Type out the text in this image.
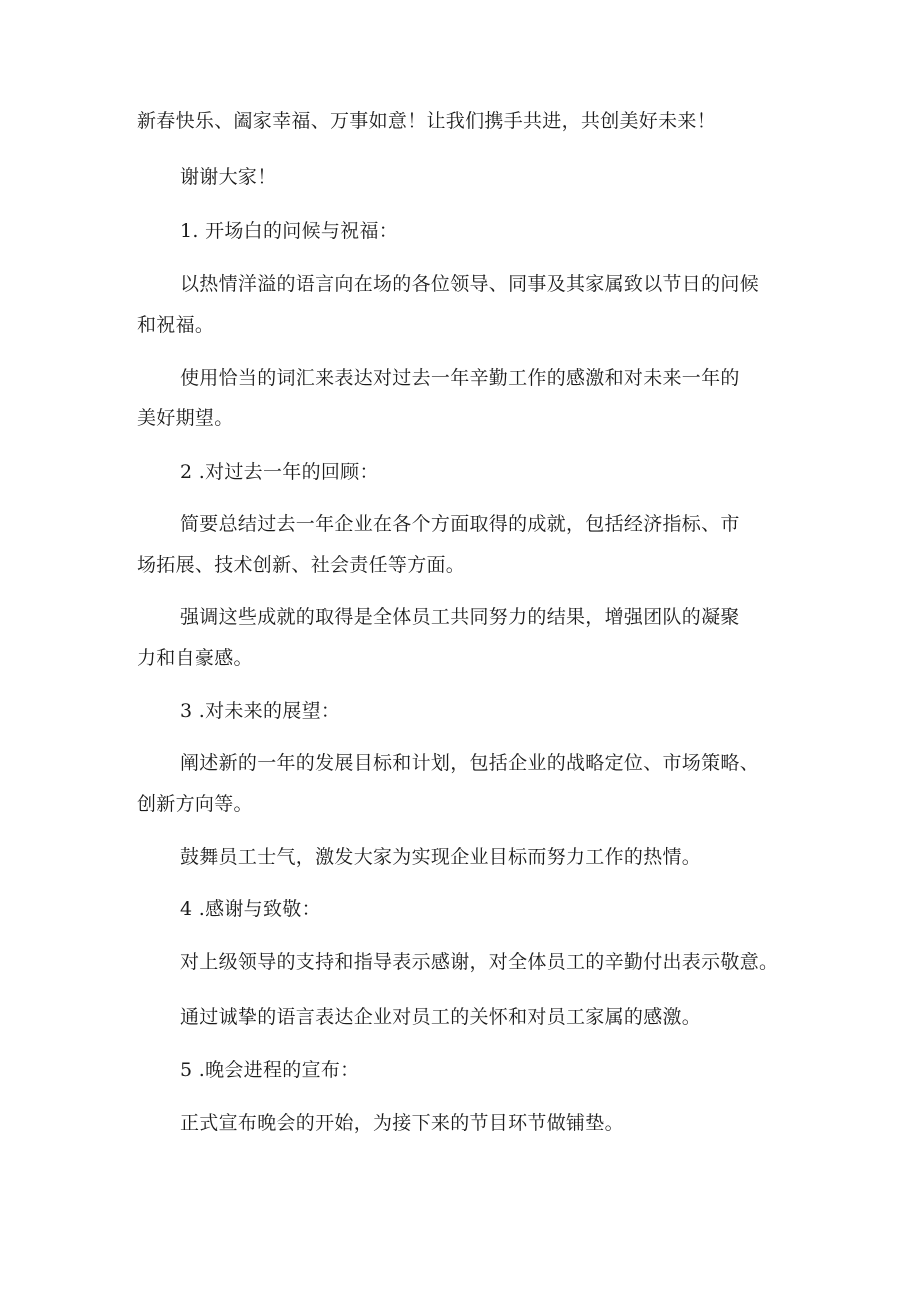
新春快乐、阖家幸福、万事如意！让我们携手共进，共创美好未来！
谢谢大家！
1. 开场白的问候与祝福：
以热情洋溢的语言向在场的各位领导、同事及其家属致以节日的问候
和祝福。
使用恰当的词汇来表达对过去一年辛勤工作的感激和对未来一年的
美好期望。
2 .对过去一年的回顾：
简要总结过去一年企业在各个方面取得的成就，包括经济指标、市
场拓展、技术创新、社会责任等方面。
强调这些成就的取得是全体员工共同努力的结果，增强团队的凝聚
力和自豪感。
3 .对未来的展望：
阐述新的一年的发展目标和计划，包括企业的战略定位、市场策略、
创新方向等。
鼓舞员工士气，激发大家为实现企业目标而努力工作的热情。
4 .感谢与致敬：
对上级领导的支持和指导表示感谢，对全体员工的辛勤付出表示敬意。
通过诚挚的语言表达企业对员工的关怀和对员工家属的感激。
5 .晚会进程的宣布：
正式宣布晚会的开始，为接下来的节目环节做铺垫。
